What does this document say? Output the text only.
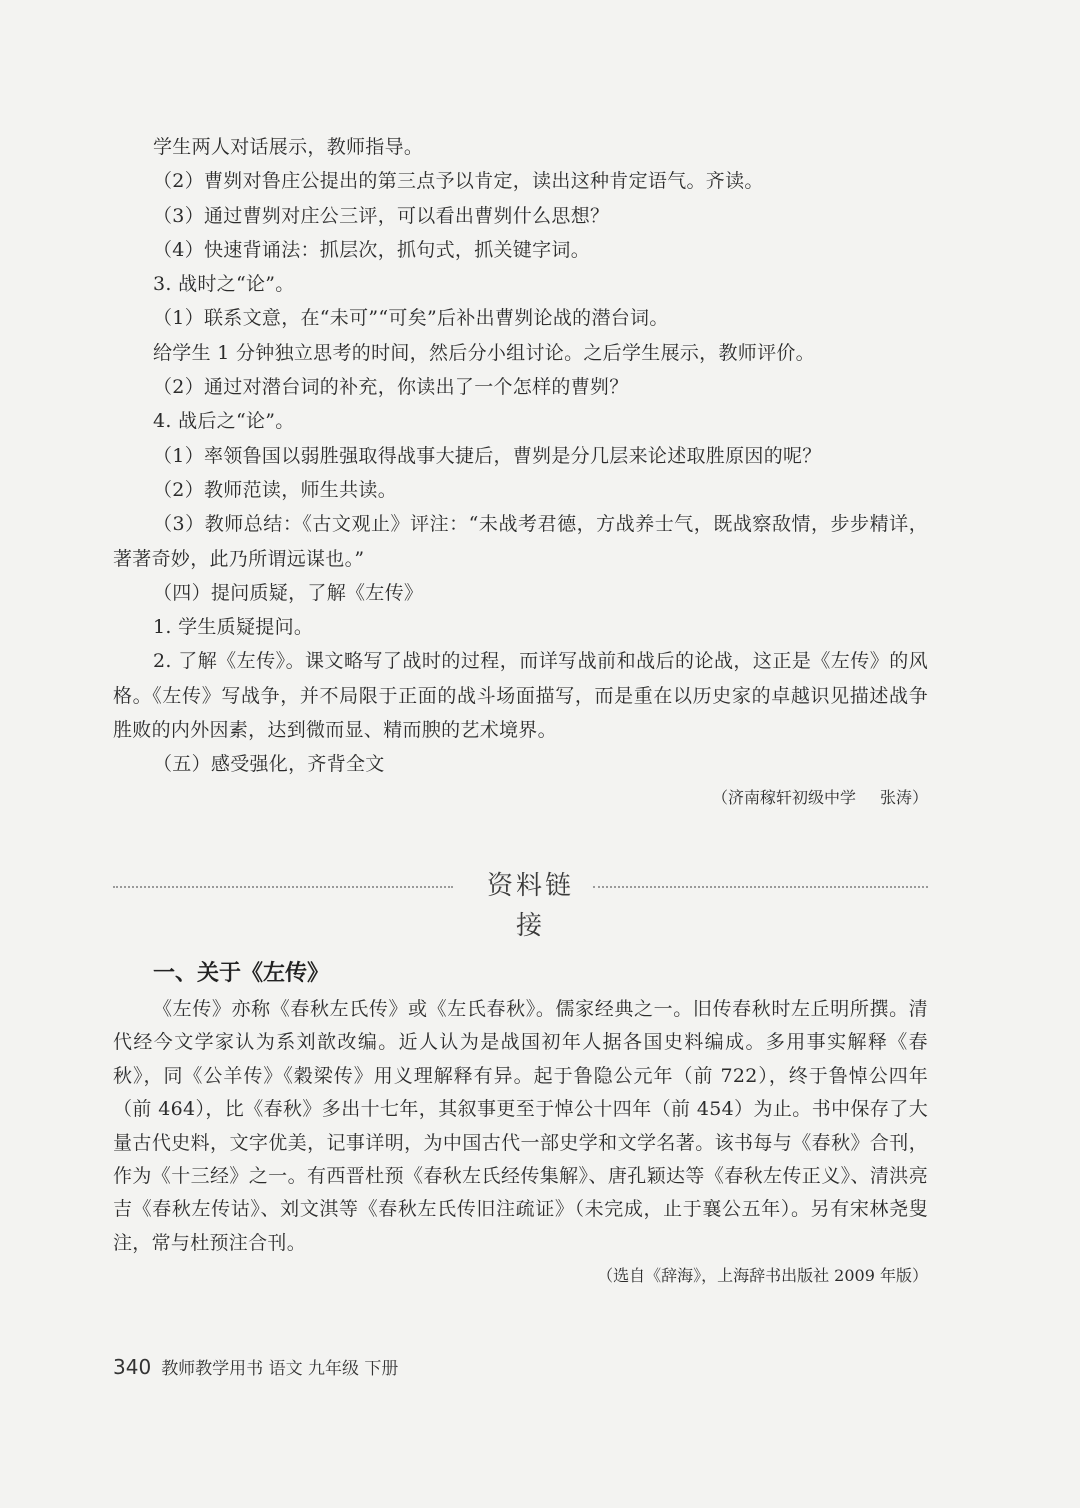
学生两人对话展示，教师指导。
（2）曹刿对鲁庄公提出的第三点予以肯定，读出这种肯定语气。齐读。
（3）通过曹刿对庄公三评，可以看出曹刿什么思想？
（4）快速背诵法：抓层次，抓句式，抓关键字词。
3. 战时之“论”。
（1）联系文意，在“未可”“可矣”后补出曹刿论战的潜台词。
给学生 1 分钟独立思考的时间，然后分小组讨论。之后学生展示，教师评价。
（2）通过对潜台词的补充，你读出了一个怎样的曹刿？
4. 战后之“论”。
（1）率领鲁国以弱胜强取得战事大捷后，曹刿是分几层来论述取胜原因的呢？
（2）教师范读，师生共读。
（3）教师总结：《古文观止》评注：“未战考君德，方战养士气，既战察敌情，步步精详，著著奇妙，此乃所谓远谋也。”
（四）提问质疑，了解《左传》
1. 学生质疑提问。
2. 了解《左传》。课文略写了战时的过程，而详写战前和战后的论战，这正是《左传》的风格。《左传》写战争，并不局限于正面的战斗场面描写，而是重在以历史家的卓越识见描述战争胜败的内外因素，达到微而显、精而腴的艺术境界。
（五）感受强化，齐背全文
（济南稼轩初级中学 张涛）
资料链接
一、关于《左传》
《左传》亦称《春秋左氏传》或《左氏春秋》。儒家经典之一。旧传春秋时左丘明所撰。清代经今文学家认为系刘歆改编。近人认为是战国初年人据各国史料编成。多用事实解释《春秋》，同《公羊传》《穀梁传》用义理解释有异。起于鲁隐公元年（前 722），终于鲁悼公四年（前 464），比《春秋》多出十七年，其叙事更至于悼公十四年（前 454）为止。书中保存了大量古代史料，文字优美，记事详明，为中国古代一部史学和文学名著。该书每与《春秋》合刊，作为《十三经》之一。有西晋杜预《春秋左氏经传集解》、唐孔颖达等《春秋左传正义》、清洪亮吉《春秋左传诂》、刘文淇等《春秋左氏传旧注疏证》（未完成，止于襄公五年）。另有宋林尧叟注，常与杜预注合刊。
（选自《辞海》，上海辞书出版社 2009 年版）
340 教师教学用书 语文 九年级 下册
